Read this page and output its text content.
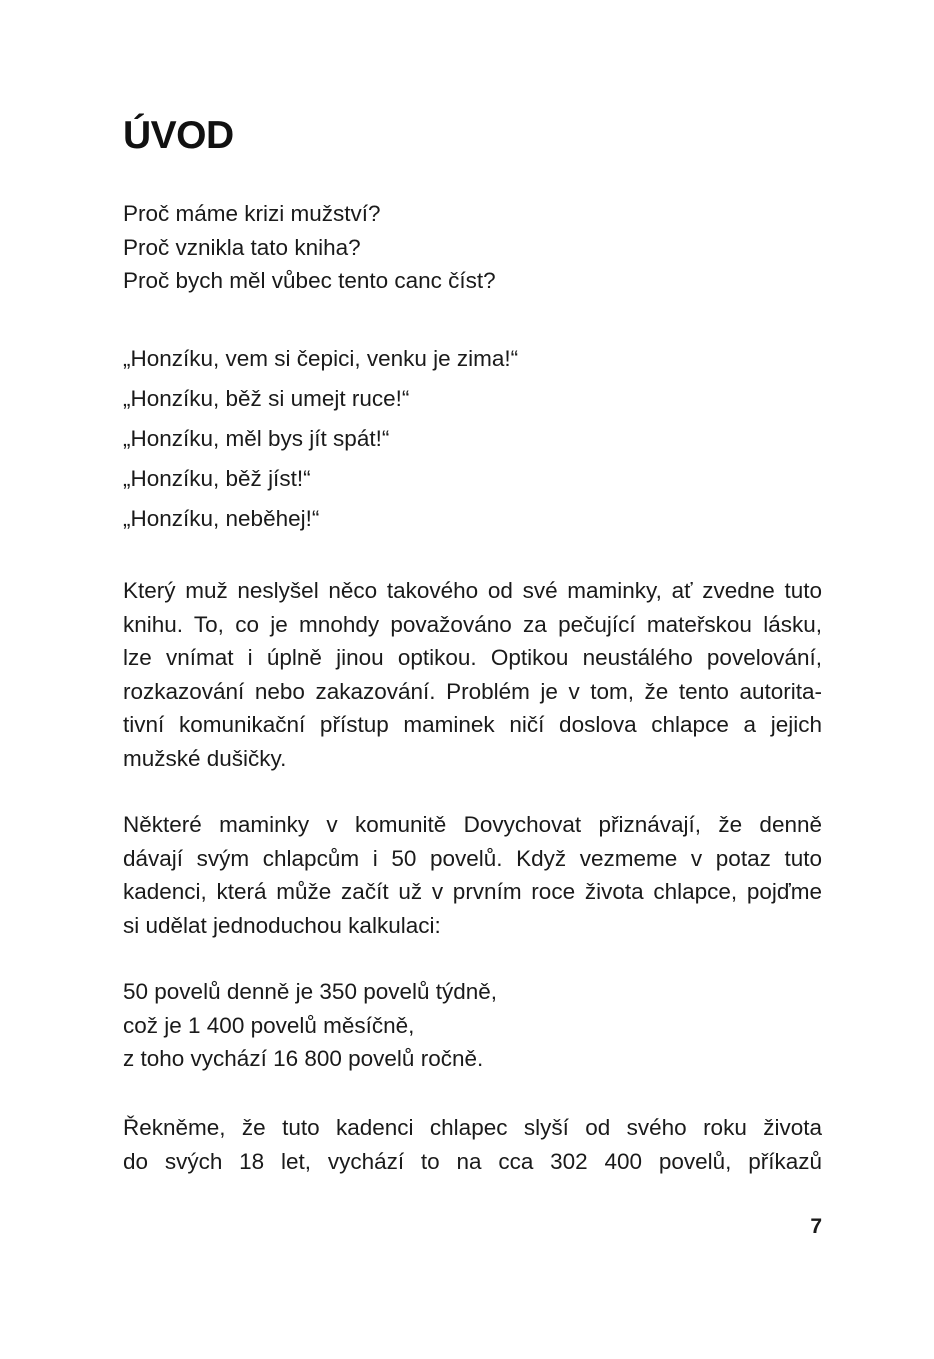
ÚVOD
Proč máme krizi mužství?
Proč vznikla tato kniha?
Proč bych měl vůbec tento canc číst?
„Honzíku, vem si čepici, venku je zima!“
„Honzíku, běž si umejt ruce!“
„Honzíku, měl bys jít spát!“
„Honzíku, běž jíst!“
„Honzíku, neběhej!“
Který muž neslyšel něco takového od své maminky, ať zvedne tuto
knihu. To, co je mnohdy považováno za pečující mateřskou lásku,
lze vnímat i úplně jinou optikou. Optikou neustálého povelování,
rozkazování nebo zakazování. Problém je v tom, že tento autorita-
tivní komunikační přístup maminek ničí doslova chlapce a jejich
mužské dušičky.
Některé maminky v komunitě Dovychovat přiznávají, že denně
dávají svým chlapcům i 50 povelů. Když vezmeme v potaz tuto
kadenci, která může začít už v prvním roce života chlapce, pojďme
si udělat jednoduchou kalkulaci:
50 povelů denně je 350 povelů týdně,
což je 1 400 povelů měsíčně,
z toho vychází 16 800 povelů ročně.
Řekněme, že tuto kadenci chlapec slyší od svého roku života
do svých 18 let, vychází to na cca 302 400 povelů, příkazů
7
